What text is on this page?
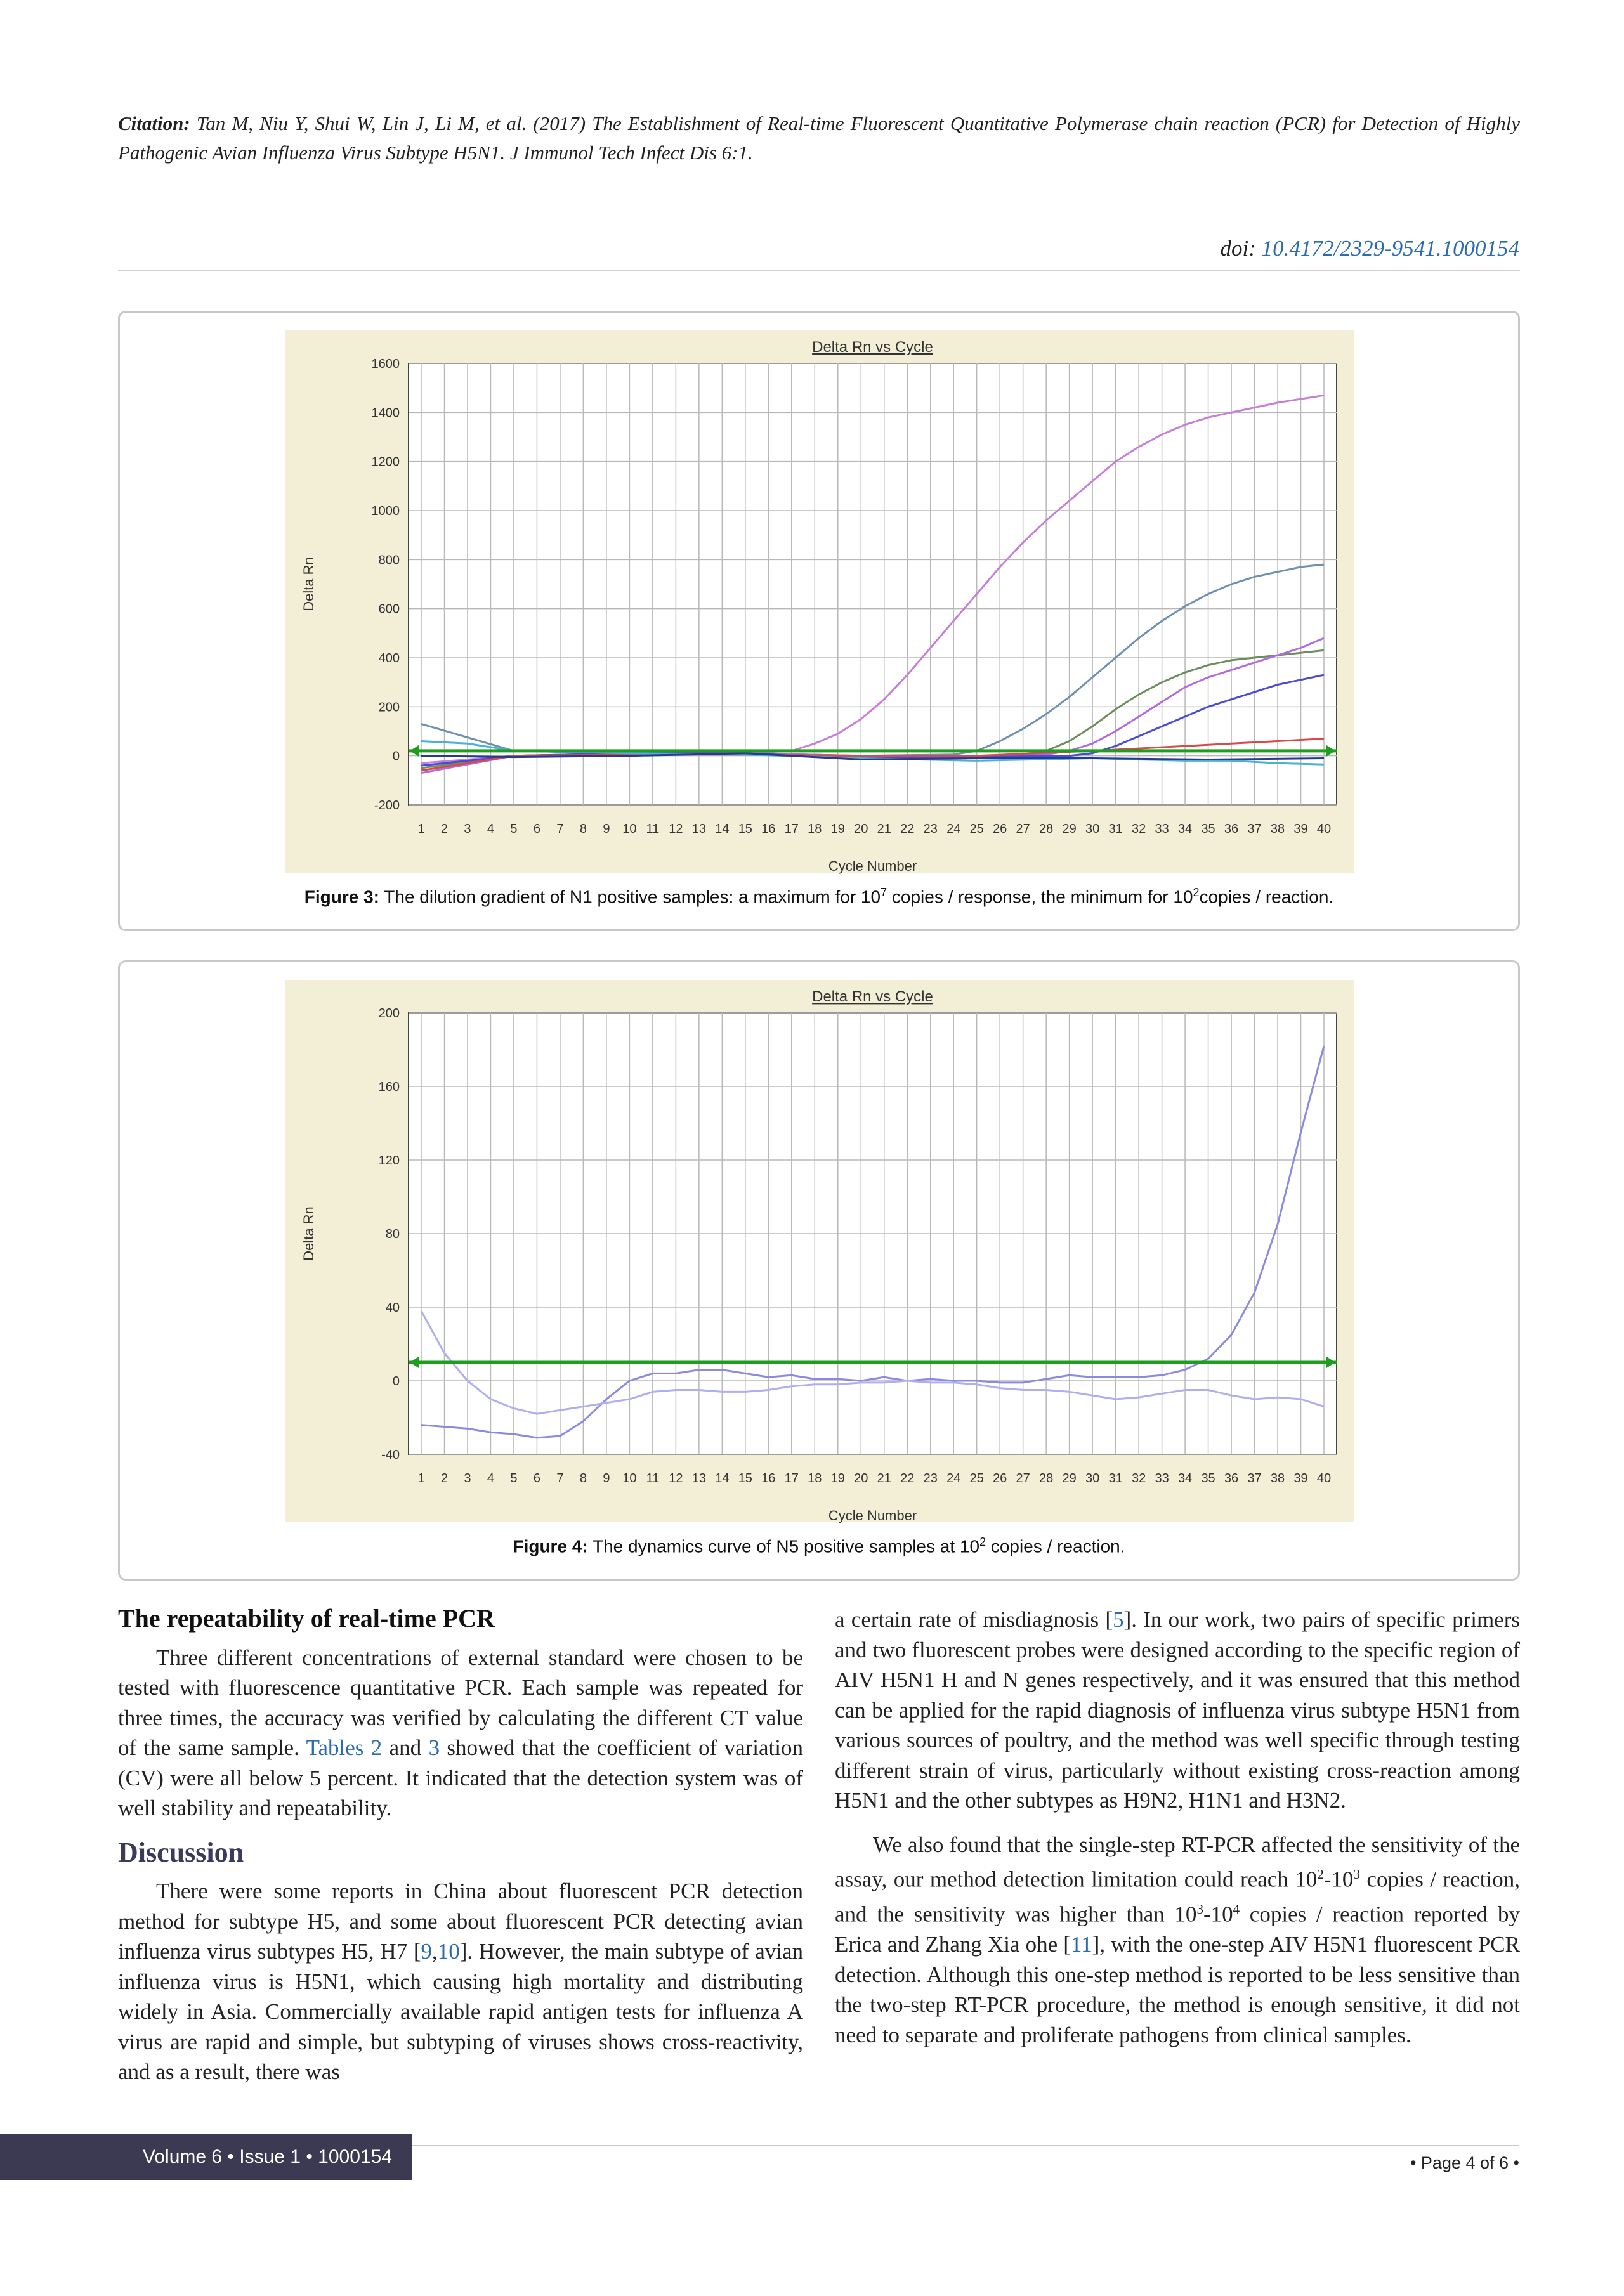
Citation: Tan M, Niu Y, Shui W, Lin J, Li M, et al. (2017) The Establishment of Real-time Fluorescent Quantitative Polymerase chain reaction (PCR) for Detection of Highly Pathogenic Avian Influenza Virus Subtype H5N1. J Immunol Tech Infect Dis 6:1.
doi: 10.4172/2329-9541.1000154
1 2 3 4 5 6 7 8 9 10 11 12 13 14 15 16 17 18 19 20 21 22 23 24 25 26 27 28 29 30 31 32 33 34 35 36 37 38 39 40
1600
1400
1200
1000
800
600
400
200
0
-200
Delta Rn vs Cycle
Cycle Number
Delta Rn
Figure 3: The dilution gradient of N1 positive samples: a maximum for $10^7$ copies / response, the minimum for $10^2copies$ / reaction.
1 2 3 4 5 6 7 8 9 10 11 12 13 14 15 16 17 18 19 20 21 22 23 24 25 26 27 28 29 30 31 32 33 34 35 36 37 38 39 40
200
160
120
80
40
0
-40
Delta Rn vs Cycle
Cycle Number
Delta Rn
Figure 4: The dynamics curve of N5 positive samples at $10^2$ copies / reaction.
The repeatability of real-time PCR

Three different concentrations of external standard were chosen to be tested with fluorescence quantitative PCR. Each sample was repeated for three times, the accuracy was verified by calculating the different CT value of the same sample. Tables 2 and 3 showed that the coefficient of variation (CV) were all below 5 percent. It indicated that the detection system was of well stability and repeatability.

Discussion

There were some reports in China about fluorescent PCR detection method for subtype H5, and some about fluorescent PCR detecting avian influenza virus subtypes H5, H7 [9,10]. However, the main subtype of avian influenza virus is H5N1, which causing high mortality and distributing widely in Asia. Commercially available rapid antigen tests for influenza A virus are rapid and simple, but subtyping of viruses shows cross-reactivity, and as a result, there was

a certain rate of misdiagnosis [5]. In our work, two pairs of specific primers and two fluorescent probes were designed according to the specific region of AIV H5N1 H and N genes respectively, and it was ensured that this method can be applied for the rapid diagnosis of influenza virus subtype H5N1 from various sources of poultry, and the method was well specific through testing different strain of virus, particularly without existing cross-reaction among H5N1 and the other subtypes as H9N2, H1N1 and H3N2.

We also found that the single-step RT-PCR affected the sensitivity of the assay, our method detection limitation could reach $10^2-10^3$ copies / reaction, and the sensitivity was higher than $10^3-10^4$ copies / reaction reported by Erica and Zhang Xia ohe [11], with the one-step AIV H5N1 fluorescent PCR detection. Although this one-step method is reported to be less sensitive than the two-step RT-PCR procedure, the method is enough sensitive, it did not need to separate and proliferate pathogens from clinical samples.

Volume 6 • Issue 1 • 1000154	• Page 4 of 6 •
